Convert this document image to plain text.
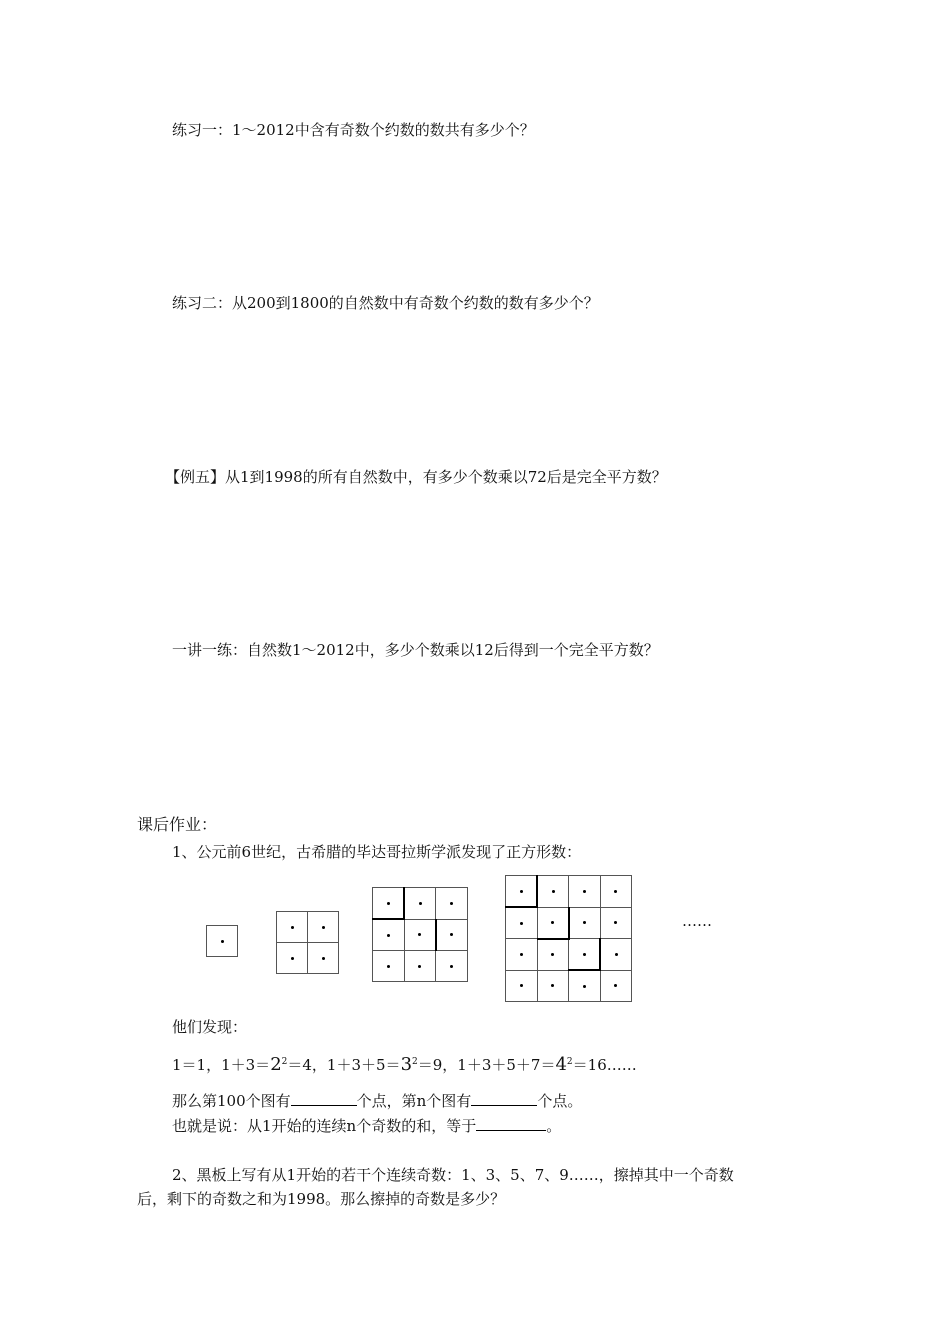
练习一：1～2012中含有奇数个约数的数共有多少个？
练习二：从200到1800的自然数中有奇数个约数的数有多少个？
【例五】从1到1998的所有自然数中，有多少个数乘以72后是完全平方数？
一讲一练：自然数1～2012中，多少个数乘以12后得到一个完全平方数？
课后作业：
1、公元前6世纪，古希腊的毕达哥拉斯学派发现了正方形数：

……
他们发现：
1＝1，$1+3=2^2=4$，$1+3+5=3^2=9$，$1+3+5+7=4^2=16\dots\dots$
那么第100个图有	个点，第n个图有	个点。
也就是说：从1开始的连续n个奇数的和，等于	。
2、黑板上写有从1开始的若干个连续奇数：1、3、5、7、9……，擦掉其中一个奇数
后，剩下的奇数之和为1998。那么擦掉的奇数是多少？
